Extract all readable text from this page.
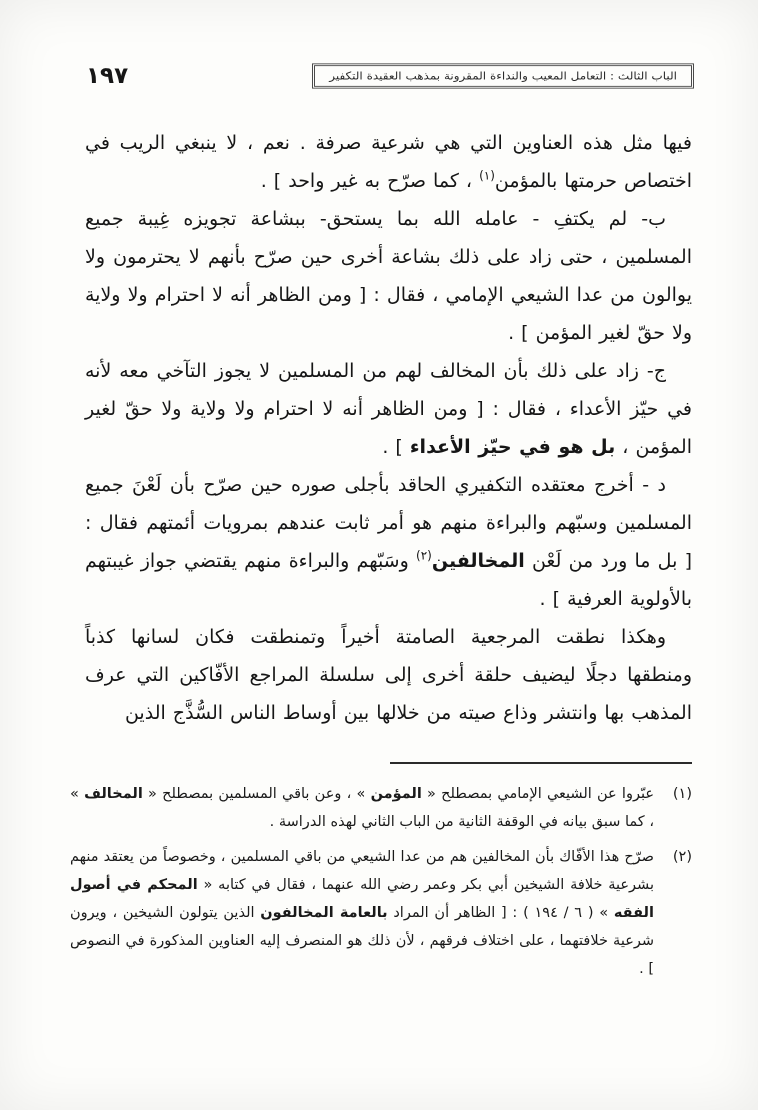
الباب الثالث : التعامل المعيب والنداءة المقرونة بمذهب العقيدة التكفير
١٩٧

فيها مثل هذه العناوين التي هي شرعية صرفة . نعم ، لا ينبغي الريب في اختصاص حرمتها بالمؤمن$^{(١)}$ ، كما صرّح به غير واحد ] .

ب- لم يكتفِ - عامله الله بما يستحق- ببشاعة تجويزه غِيبة جميع المسلمين ، حتى زاد على ذلك بشاعة أخرى حين صرّح بأنهم لا يحترمون ولا يوالون من عدا الشيعي الإمامي ، فقال : [ ومن الظاهر أنه لا احترام ولا ولاية ولا حقّ لغير المؤمن ] .

ج- زاد على ذلك بأن المخالف لهم من المسلمين لا يجوز التآخي معه لأنه في حيّز الأعداء ، فقال : [ ومن الظاهر أنه لا احترام ولا ولاية ولا حقّ لغير المؤمن ، بل هو في حيّز الأعداء ] .

د - أخرج معتقده التكفيري الحاقد بأجلى صوره حين صرّح بأن لَعْنَ جميع المسلمين وسبّهم والبراءة منهم هو أمر ثابت عندهم بمرويات أئمتهم فقال : [ بل ما ورد من لَعْن المخالفين$^{(٢)}$ وسَبّهم والبراءة منهم يقتضي جواز غيبتهم بالأولوية العرفية ] .

وهكذا نطقت المرجعية الصامتة أخيراً وتمنطقت فكان لسانها كذباً ومنطقها دجلًا ليضيف حلقة أخرى إلى سلسلة المراجع الأفّاكين التي عرف المذهب بها وانتشر وذاع صيته من خلالها بين أوساط الناس السُّذَّج الذين

(١)
عبّروا عن الشيعي الإمامي بمصطلح « المؤمن » ، وعن باقي المسلمين بمصطلح « المخالف » ، كما سبق بيانه في الوقفة الثانية من الباب الثاني لهذه الدراسة .
(٢)
صرّح هذا الأفّاك بأن المخالفين هم من عدا الشيعي من باقي المسلمين ، وخصوصاً من يعتقد منهم بشرعية خلافة الشيخين أبي بكر وعمر رضي الله عنهما ، فقال في كتابه « المحكم في أصول الفقه » ( ٦ / ١٩٤ ) : [ الظاهر أن المراد بالعامة المخالفون الذين يتولون الشيخين ، ويرون شرعية خلافتهما ، على اختلاف فرقهم ، لأن ذلك هو المنصرف إليه العناوين المذكورة في النصوص ] .
